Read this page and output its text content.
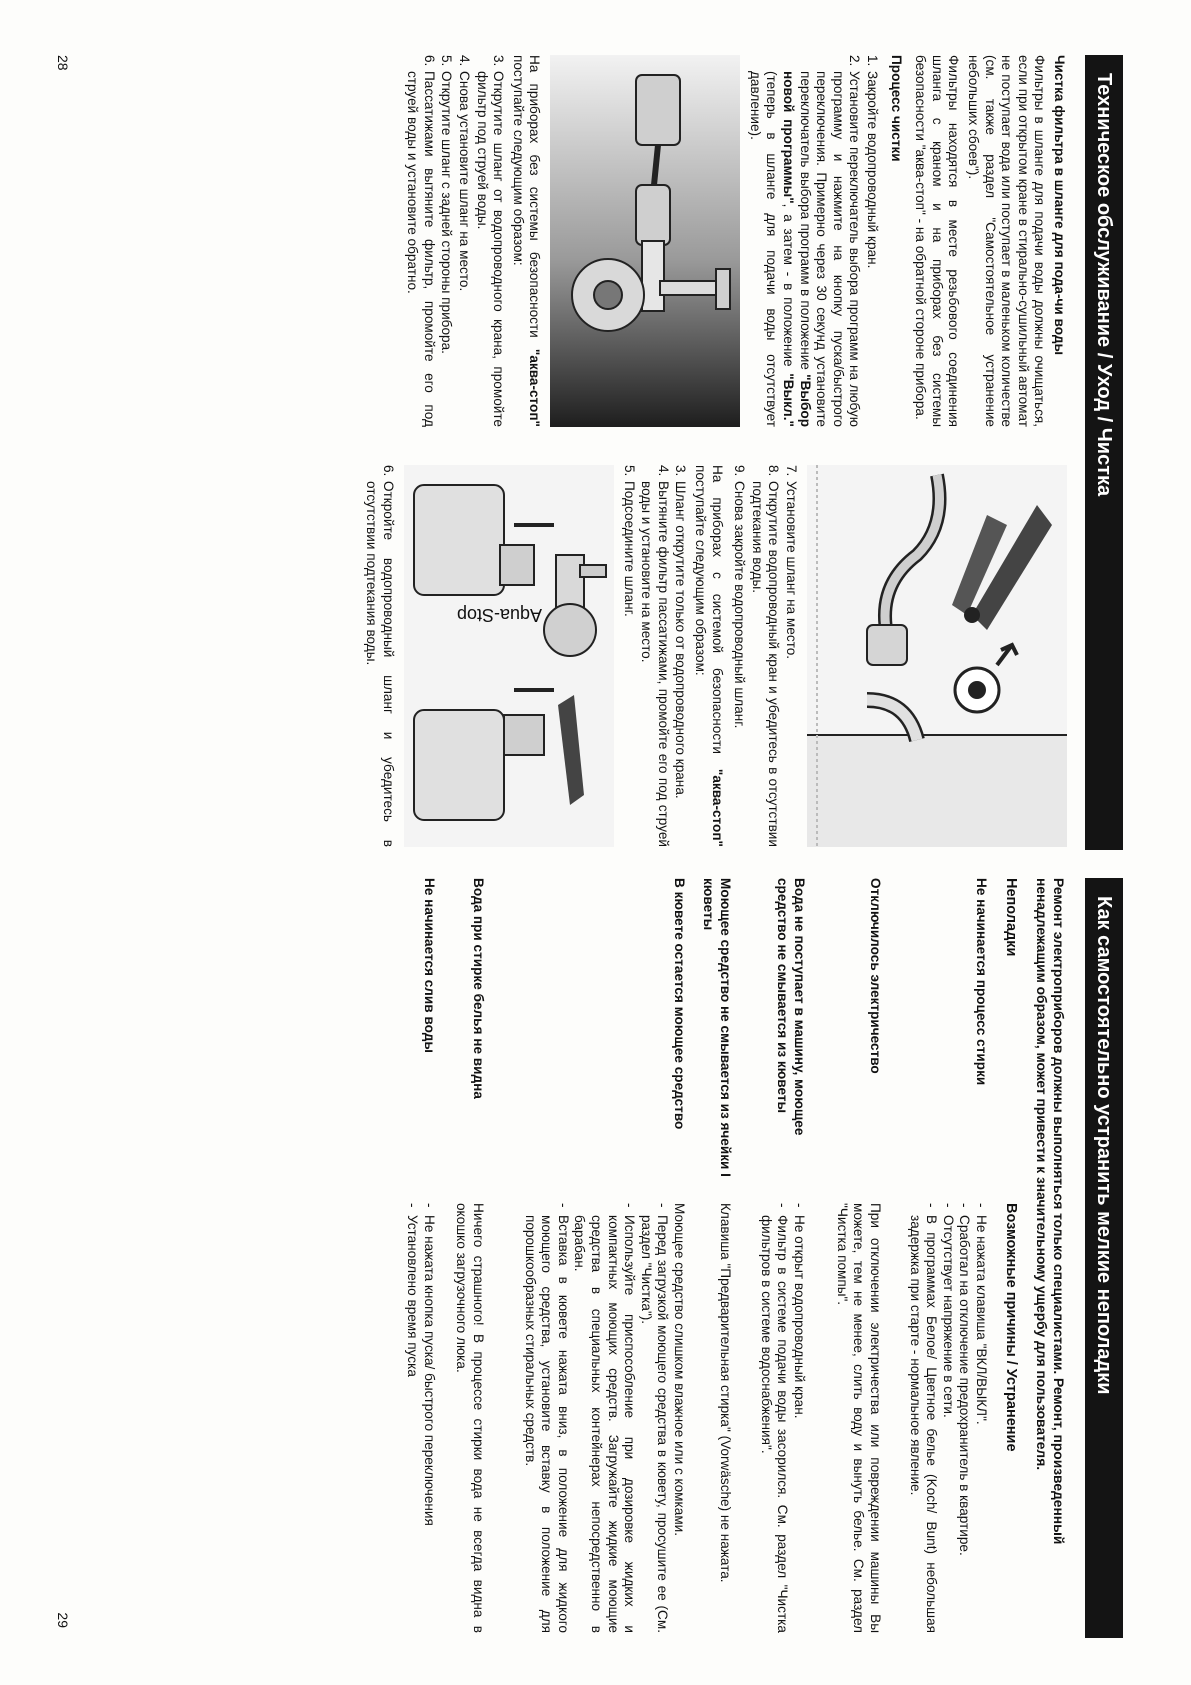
Техническое обслуживание / Уход / Чистка

Чистка фильтра в шланге для пода-чи воды

Фильтры в шланге для подачи воды должны очищаться, если при открытом кране в стирально-сушильный автомат не поступает вода или поступает в маленьком количестве (см. также раздел "Самостоятельное устранение небольших сбоев").

Фильтры находятся в месте резьбового соединения шланга с краном и на приборах без системы безопасности "аква-стоп" - на обратной стороне прибора.

Процесс чистки

1.
Закройте водопроводный кран.
2.
Установите переключатель выбора программ на любую программу и нажмите на кнопку пуска/быстрого переключения. Примерно через 30 секунд установите переключатель выбора программ в положение "Выбор новой программы", а затем - в положение "Выкл." (теперь в шланге для подачи воды отсутствует давление).

На приборах без системы безопасности "аква-стоп" поступайте следующим образом:

3.
Открутите шланг от водопроводного крана, промойте фильтр под струей воды.
4.
Снова установите шланг на место.
5.
Открутите шланг с задней стороны прибора.
6.
Пассатижами вытяните фильтр, промойте его под струей воды и установите обратно.
7.
Установите шланг на место.
8.
Открутите водопроводный кран и убедитесь в отсутствии подтекания воды.
9.
Снова закройте водопроводный шланг.

На приборах с системой безопасности "аква-стоп" поступайте следующим образом:

3.
Шланг открутите только от водопроводного крана.
4.
Вытяните фильтр пассатижами, промойте его под струей воды и установите на место.
5.
Подсоедините шланг.
Aqua-Stop
6.
Откройте водопроводный шланг и убедитесь в отсутствии подтекания воды.
28
Как самостоятельно устранить мелкие неполадки
Ремонт электроприборов должны выполняться только специалистами. Ремонт, произведенный ненадлежащим образом, может привести к значительному ущербу для пользователя.
Неполадки
Возможные причины / Устранение
Не начинается процесс стирки
- Не нажата клавиша "ВКЛ/ВЫКЛ".
- Сработал на отключение предохранитель в квартире.
- Отсутствует напряжение в сети.
- В программах Белое/ Цветное белье (Koch/ Bunt) небольшая задержка при старте - нормальное явление.
Отключилось электричество

При отключении электричества или повреждении машины Вы можете, тем не менее, слить воду и вынуть белье. См. раздел "Чистка помпы".

Вода не поступает в машину, моющее средство не смывается из кюветы
- Не открыт водопроводный кран.
- Фильтр в системе подачи воды засорился. См. раздел "Чистка фильтров в системе водоснабжения".
Моющее средство не смывается из ячейки I кюветы

Клавиша "Предварительная стирка" (Vorwäsche) не нажата.

В кювете остается моющее средство

Моющее средство слишком влажное или с комками.

- Перед загрузкой моющего средства в кювету, просушите ее (См. раздел "Чистка").
- Используйте приспособление при дозировке жидких и компактных моющих средств. Загружайте жидкие моющие средства в специальных контейнерах непосредственно в барабан.
- Вставка в кювете нажата вниз, в положение для жидкого моющего средства, установите вставку в положение для порошкообразных стиральных средств.
Вода при стирке белья не видна

Ничего страшного! В процессе стирки вода не всегда видна в окошко загрузочного люка.

Не начинается слив воды
- Не нажата кнопка пуска/ быстрого переключения
- Установлено время пуска
29
